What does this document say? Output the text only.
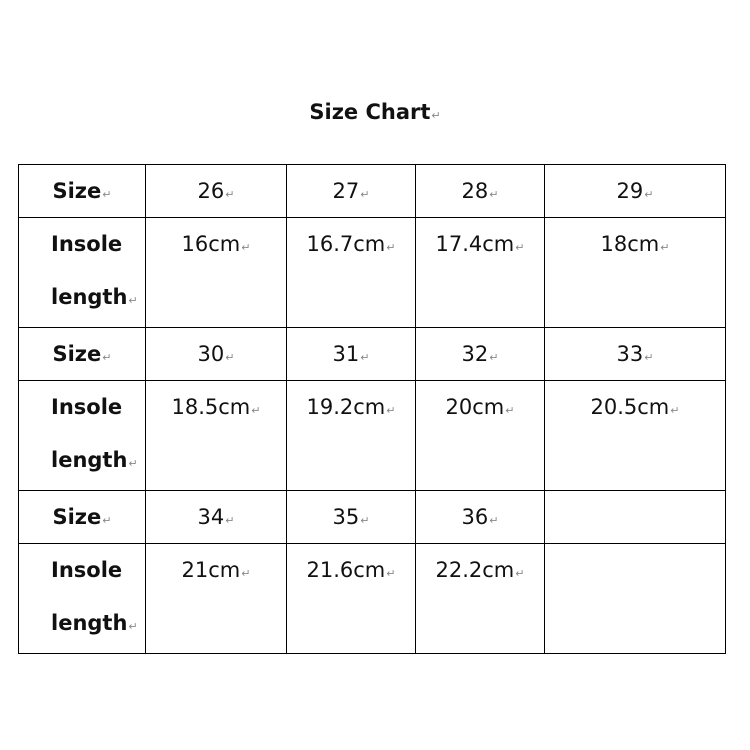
Size Chart↵
Size↵	26↵	27↵	28↵	29↵

Insole
length↵	16cm↵	16.7cm↵	17.4cm↵	18cm↵

Size↵	30↵	31↵	32↵	33↵

Insole
length↵	18.5cm↵	19.2cm↵	20cm↵	20.5cm↵

Size↵	34↵	35↵	36↵	

Insole
length↵	21cm↵	21.6cm↵	22.2cm↵	
